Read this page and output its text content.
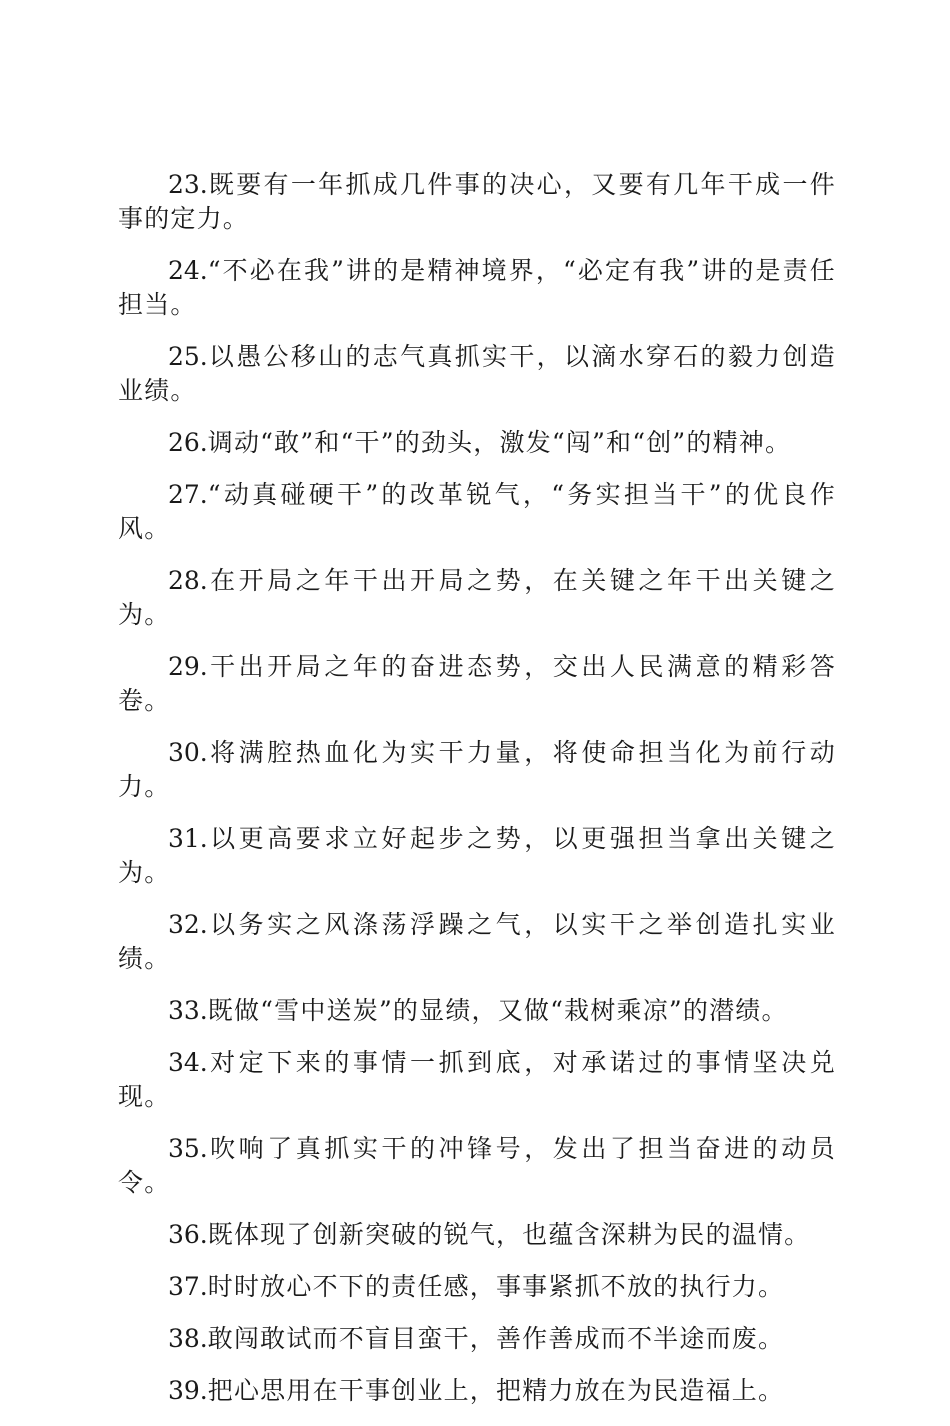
23.既要有一年抓成几件事的决心，又要有几年干成一件事的定力。

24.“不必在我”讲的是精神境界，“必定有我”讲的是责任担当。

25.以愚公移山的志气真抓实干，以滴水穿石的毅力创造业绩。

26.调动“敢”和“干”的劲头，激发“闯”和“创”的精神。

27.“动真碰硬干”的改革锐气，“务实担当干”的优良作风。

28.在开局之年干出开局之势，在关键之年干出关键之为。

29.干出开局之年的奋进态势，交出人民满意的精彩答卷。

30.将满腔热血化为实干力量，将使命担当化为前行动力。

31.以更高要求立好起步之势，以更强担当拿出关键之为。

32.以务实之风涤荡浮躁之气，以实干之举创造扎实业绩。

33.既做“雪中送炭”的显绩，又做“栽树乘凉”的潜绩。

34.对定下来的事情一抓到底，对承诺过的事情坚决兑现。

35.吹响了真抓实干的冲锋号，发出了担当奋进的动员令。

36.既体现了创新突破的锐气，也蕴含深耕为民的温情。

37.时时放心不下的责任感，事事紧抓不放的执行力。

38.敢闯敢试而不盲目蛮干，善作善成而不半途而废。

39.把心思用在干事创业上，把精力放在为民造福上。
